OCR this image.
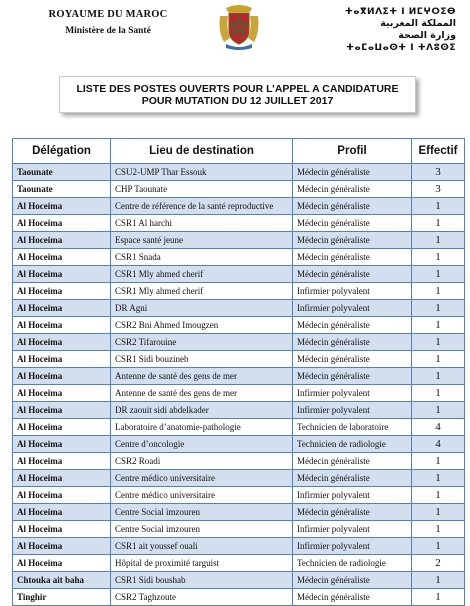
ROYAUME DU MAROC
Ministère de la Santé
ⵜⴰⴳⵍⴷⵉⵜ ⵏ ⵍⵎⵖⵔⵉⴱ
المملكة المغربية
وزارة الصحة
ⵜⴰⵎⴰⵡⴰⵙⵜ ⵏ ⵜⴷⵓⵙⵉ
LISTE DES POSTES OUVERTS POUR L’APPEL A CANDIDATURE
POUR MUTATION DU 12 JUILLET 2017
Délégation	Lieu de destination	Profil	Effectif
Taounate	CSU2-UMP Thar Essouk	Médecin généraliste	3
Taounate	CHP Taounate	Médecin généraliste	3
Al Hoceima	Centre de référence de la santé reproductive	Médecin généraliste	1
Al Hoceima	CSR1 Al harchi	Médecin généraliste	1
Al Hoceima	Espace santé jeune	Médecin généraliste	1
Al Hoceima	CSR1 Snada	Médecin généraliste	1
Al Hoceima	CSR1 Mly ahmed cherif	Médecin généraliste	1
Al Hoceima	CSR1 Mly ahmed cherif	Infirmier polyvalent	1
Al Hoceima	DR Agni	Infirmier polyvalent	1
Al Hoceima	CSR2 Bni Ahmed Imougzen	Médecin généraliste	1
Al Hoceima	CSR2 Tifarouine	Médecin généraliste	1
Al Hoceima	CSR1 Sidi bouzineb	Médecin généraliste	1
Al Hoceima	Antenne de santé des gens de mer	Médecin généraliste	1
Al Hoceima	Antenne de santé des gens de mer	Infirmier polyvalent	1
Al Hoceima	DR zaouit sidi abdelkader	Infirmier polyvalent	1
Al Hoceima	Laboratoire d’anatomie-pathologie	Technicien de laboratoire	4
Al Hoceima	Centre d’oncologie	Technicien de radiologie	4
Al Hoceima	CSR2 Roadi	Médecin généraliste	1
Al Hoceima	Centre médico universitaire	Médecin généraliste	1
Al Hoceima	Centre médico universitaire	Infirmier polyvalent	1
Al Hoceima	Centre Social imzouren	Médecin généraliste	1
Al Hoceima	Centre Social imzouren	Infirmier polyvalent	1
Al Hoceima	CSR1 ait youssef ouali	Infirmier polyvalent	1
Al Hoceima	Hôpital de proximité targuist	Technicien de radiologie	2
Chtouka ait baha	CSR1 Sidi boushab	Médecin généraliste	1
Tinghir	CSR2 Taghzoute	Médecin généraliste	1
